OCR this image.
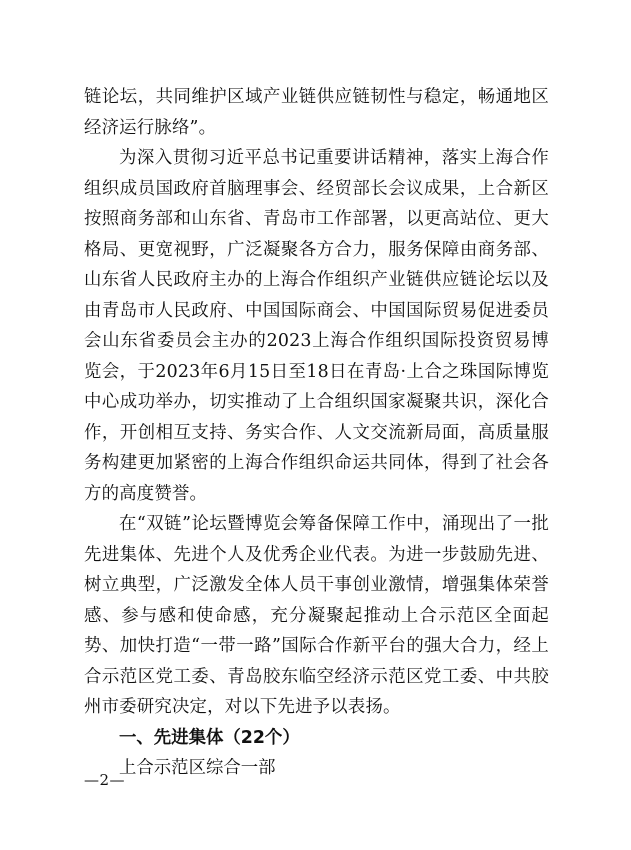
链论坛，共同维护区域产业链供应链韧性与稳定，畅通地区经济运行脉络”。

为深入贯彻习近平总书记重要讲话精神，落实上海合作组织成员国政府首脑理事会、经贸部长会议成果，上合新区按照商务部和山东省、青岛市工作部署，以更高站位、更大格局、更宽视野，广泛凝聚各方合力，服务保障由商务部、山东省人民政府主办的上海合作组织产业链供应链论坛以及由青岛市人民政府、中国国际商会、中国国际贸易促进委员会山东省委员会主办的2023上海合作组织国际投资贸易博览会，于2023年6月15日至18日在青岛·上合之珠国际博览中心成功举办，切实推动了上合组织国家凝聚共识，深化合作，开创相互支持、务实合作、人文交流新局面，高质量服务构建更加紧密的上海合作组织命运共同体，得到了社会各方的高度赞誉。

在“双链”论坛暨博览会筹备保障工作中，涌现出了一批先进集体、先进个人及优秀企业代表。为进一步鼓励先进、树立典型，广泛激发全体人员干事创业激情，增强集体荣誉感、参与感和使命感，充分凝聚起推动上合示范区全面起势、加快打造“一带一路”国际合作新平台的强大合力，经上合示范区党工委、青岛胶东临空经济示范区党工委、中共胶州市委研究决定，对以下先进予以表扬。

一、先进集体（22个）

上合示范区综合一部

—2—
